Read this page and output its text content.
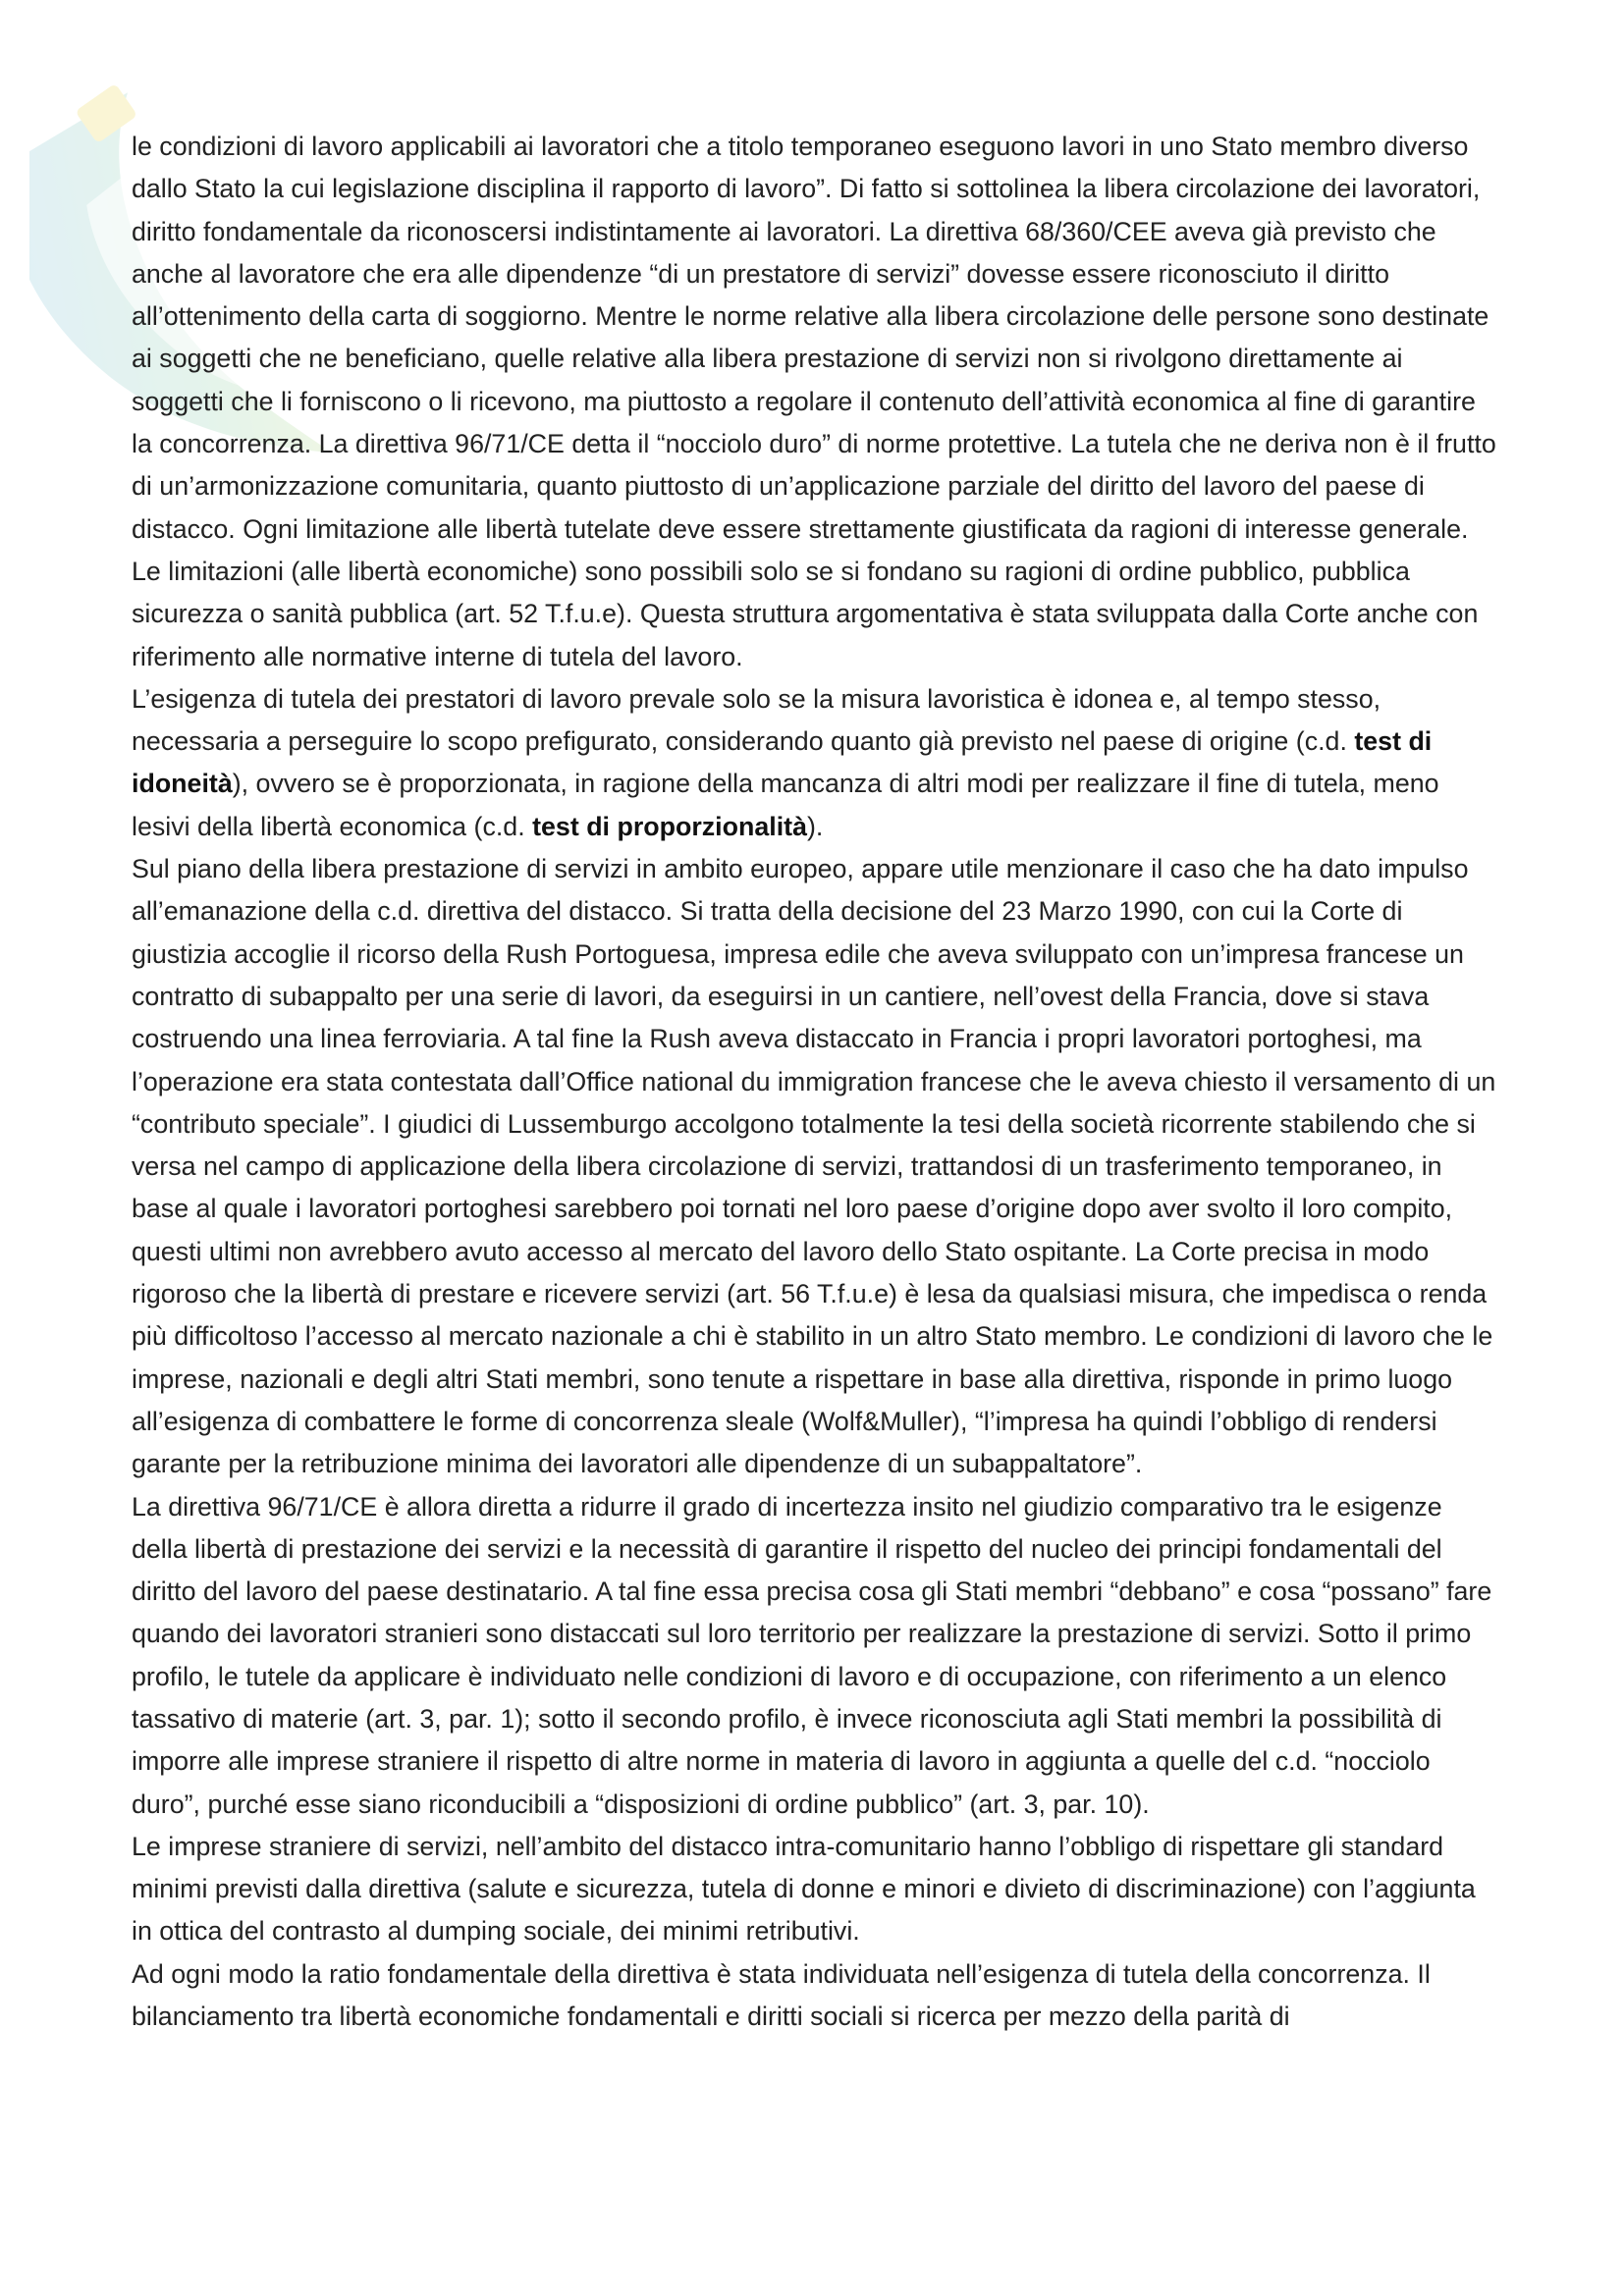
le condizioni di lavoro applicabili ai lavoratori che a titolo temporaneo eseguono lavori in uno Stato membro diverso dallo Stato la cui legislazione disciplina il rapporto di lavoro”. Di fatto si sottolinea la libera circolazione dei lavoratori, diritto fondamentale da riconoscersi indistintamente ai lavoratori. La direttiva 68/360/CEE aveva già previsto che anche al lavoratore che era alle dipendenze “di un prestatore di servizi” dovesse essere riconosciuto il diritto all’ottenimento della carta di soggiorno. Mentre le norme relative alla libera circolazione delle persone sono destinate ai soggetti che ne beneficiano, quelle relative alla libera prestazione di servizi non si rivolgono direttamente ai soggetti che li forniscono o li ricevono, ma piuttosto a regolare il contenuto dell’attività economica al fine di garantire la concorrenza. La direttiva 96/71/CE detta il “nocciolo duro” di norme protettive. La tutela che ne deriva non è il frutto di un’armonizzazione comunitaria, quanto piuttosto di un’applicazione parziale del diritto del lavoro del paese di distacco. Ogni limitazione alle libertà tutelate deve essere strettamente giustificata da ragioni di interesse generale. Le limitazioni (alle libertà economiche) sono possibili solo se si fondano su ragioni di ordine pubblico, pubblica sicurezza o sanità pubblica (art. 52 T.f.u.e). Questa struttura argomentativa è stata sviluppata dalla Corte anche con riferimento alle normative interne di tutela del lavoro.

L’esigenza di tutela dei prestatori di lavoro prevale solo se la misura lavoristica è idonea e, al tempo stesso, necessaria a perseguire lo scopo prefigurato, considerando quanto già previsto nel paese di origine (c.d. test di idoneità), ovvero se è proporzionata, in ragione della mancanza di altri modi per realizzare il fine di tutela, meno lesivi della libertà economica (c.d. test di proporzionalità).

Sul piano della libera prestazione di servizi in ambito europeo, appare utile menzionare il caso che ha dato impulso all’emanazione della c.d. direttiva del distacco. Si tratta della decisione del 23 Marzo 1990, con cui la Corte di giustizia accoglie il ricorso della Rush Portoguesa, impresa edile che aveva sviluppato con un’impresa francese un contratto di subappalto per una serie di lavori, da eseguirsi in un cantiere, nell’ovest della Francia, dove si stava costruendo una linea ferroviaria. A tal fine la Rush aveva distaccato in Francia i propri lavoratori portoghesi, ma l’operazione era stata contestata dall’Office national du immigration francese che le aveva chiesto il versamento di un “contributo speciale”. I giudici di Lussemburgo accolgono totalmente la tesi della società ricorrente stabilendo che si versa nel campo di applicazione della libera circolazione di servizi, trattandosi di un trasferimento temporaneo, in base al quale i lavoratori portoghesi sarebbero poi tornati nel loro paese d’origine dopo aver svolto il loro compito, questi ultimi non avrebbero avuto accesso al mercato del lavoro dello Stato ospitante. La Corte precisa in modo rigoroso che la libertà di prestare e ricevere servizi (art. 56 T.f.u.e) è lesa da qualsiasi misura, che impedisca o renda più difficoltoso l’accesso al mercato nazionale a chi è stabilito in un altro Stato membro. Le condizioni di lavoro che le imprese, nazionali e degli altri Stati membri, sono tenute a rispettare in base alla direttiva, risponde in primo luogo all’esigenza di combattere le forme di concorrenza sleale (Wolf&Muller), “l’impresa ha quindi l’obbligo di rendersi garante per la retribuzione minima dei lavoratori alle dipendenze di un subappaltatore”.

La direttiva 96/71/CE è allora diretta a ridurre il grado di incertezza insito nel giudizio comparativo tra le esigenze della libertà di prestazione dei servizi e la necessità di garantire il rispetto del nucleo dei principi fondamentali del diritto del lavoro del paese destinatario. A tal fine essa precisa cosa gli Stati membri “debbano” e cosa “possano” fare quando dei lavoratori stranieri sono distaccati sul loro territorio per realizzare la prestazione di servizi. Sotto il primo profilo, le tutele da applicare è individuato nelle condizioni di lavoro e di occupazione, con riferimento a un elenco tassativo di materie (art. 3, par. 1); sotto il secondo profilo, è invece riconosciuta agli Stati membri la possibilità di imporre alle imprese straniere il rispetto di altre norme in materia di lavoro in aggiunta a quelle del c.d. “nocciolo duro”, purché esse siano riconducibili a “disposizioni di ordine pubblico” (art. 3, par. 10).

Le imprese straniere di servizi, nell’ambito del distacco intra-comunitario hanno l’obbligo di rispettare gli standard minimi previsti dalla direttiva (salute e sicurezza, tutela di donne e minori e divieto di discriminazione) con l’aggiunta in ottica del contrasto al dumping sociale, dei minimi retributivi.

Ad ogni modo la ratio fondamentale della direttiva è stata individuata nell’esigenza di tutela della concorrenza. Il bilanciamento tra libertà economiche fondamentali e diritti sociali si ricerca per mezzo della parità di
